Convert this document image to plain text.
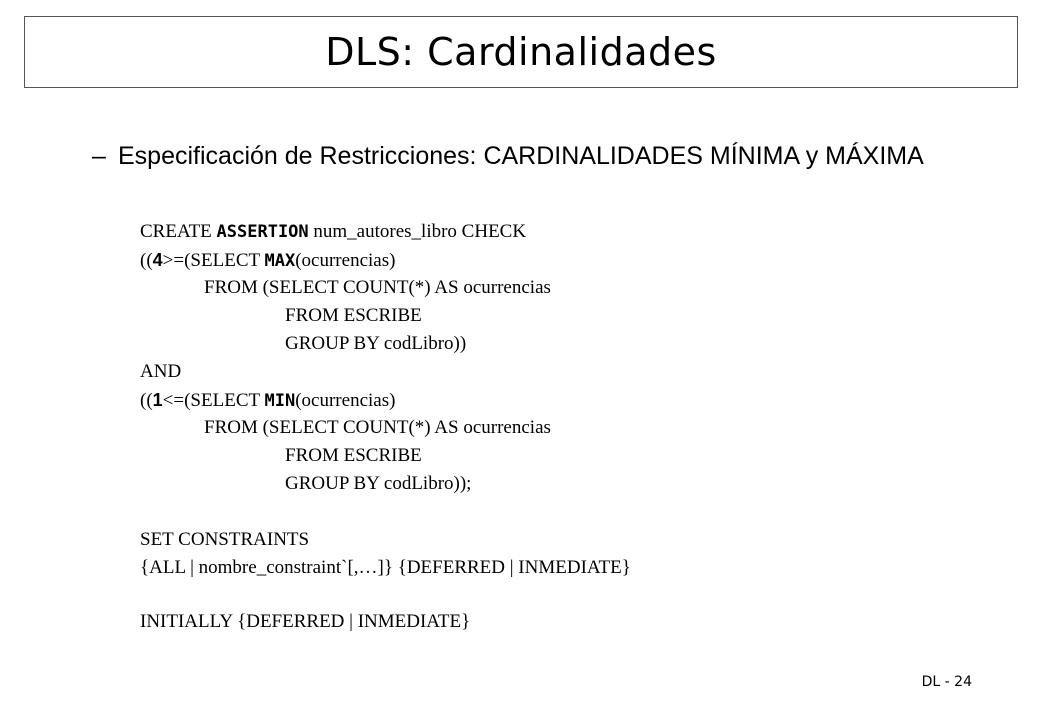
DLS: Cardinalidades
– Especificación de Restricciones: CARDINALIDADES MÍNIMA y MÁXIMA
CREATE ASSERTION num_autores_libro CHECK
((4>=(SELECT MAX(ocurrencias)
FROM (SELECT COUNT(*) AS ocurrencias
FROM ESCRIBE
GROUP BY codLibro))
AND
((1<=(SELECT MIN(ocurrencias)
FROM (SELECT COUNT(*) AS ocurrencias
FROM ESCRIBE
GROUP BY codLibro));
SET CONSTRAINTS
{ALL | nombre_constraint`[,…]} {DEFERRED | INMEDIATE}
INITIALLY {DEFERRED | INMEDIATE}
DL - 24
